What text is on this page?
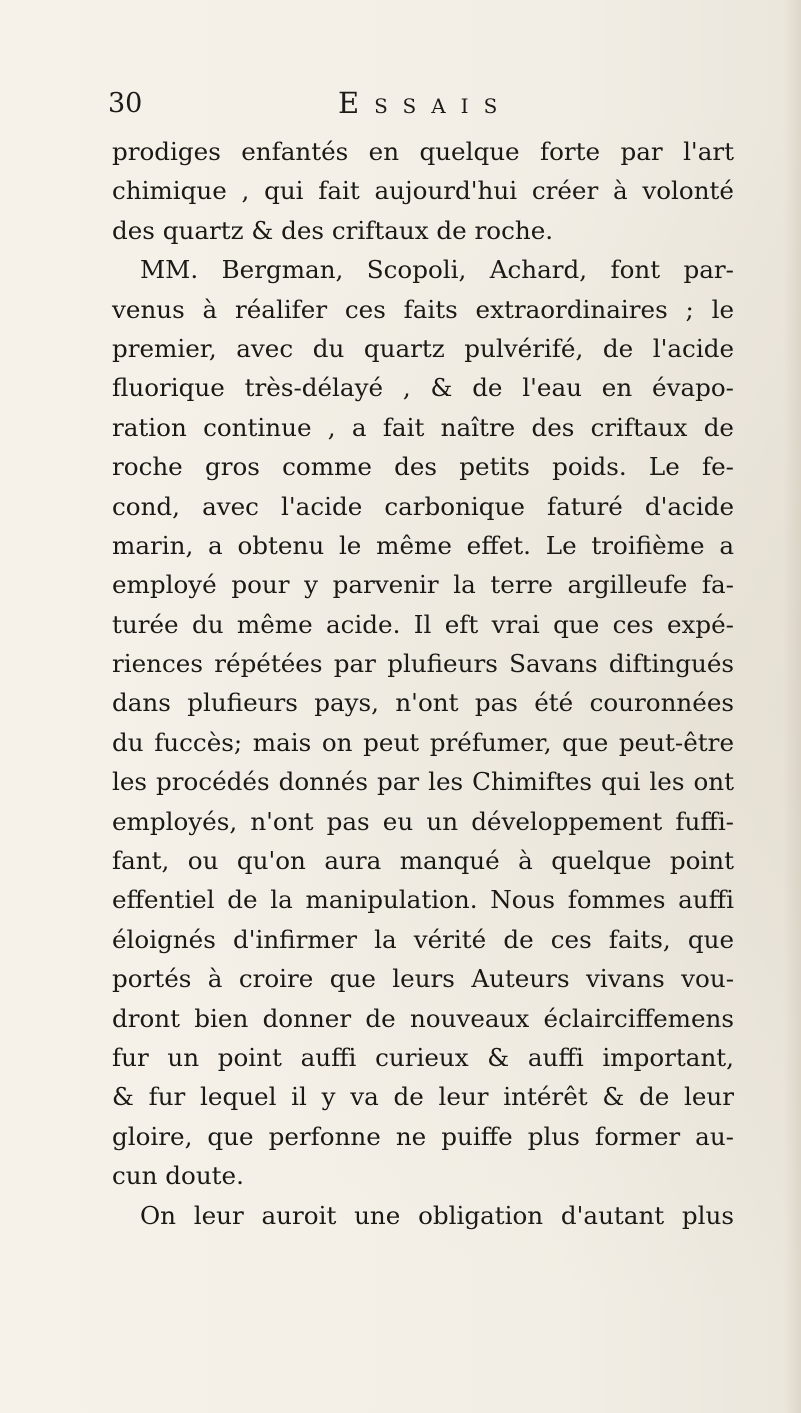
30	Essais
prodiges enfantés en quelque forte par l'art
chimique , qui fait aujourd'hui créer à volonté
des quartz & des criftaux de roche.
MM. Bergman, Scopoli, Achard, font par-
venus à réalifer ces faits extraordinaires ; le
premier, avec du quartz pulvérifé, de l'acide
fluorique très-délayé , & de l'eau en évapo-
ration continue , a fait naître des criftaux de
roche gros comme des petits poids. Le fe-
cond, avec l'acide carbonique faturé d'acide
marin, a obtenu le même effet. Le troifième a
employé pour y parvenir la terre argilleufe fa-
turée du même acide. Il eft vrai que ces expé-
riences répétées par plufieurs Savans diftingués
dans plufieurs pays, n'ont pas été couronnées
du fuccès; mais on peut préfumer, que peut-être
les procédés donnés par les Chimiftes qui les ont
employés, n'ont pas eu un développement fuffi-
fant, ou qu'on aura manqué à quelque point
effentiel de la manipulation. Nous fommes auffi
éloignés d'infirmer la vérité de ces faits, que
portés à croire que leurs Auteurs vivans vou-
dront bien donner de nouveaux éclairciffemens
fur un point auffi curieux & auffi important,
& fur lequel il y va de leur intérêt & de leur
gloire, que perfonne ne puiffe plus former au-
cun doute.
On leur auroit une obligation d'autant plus
